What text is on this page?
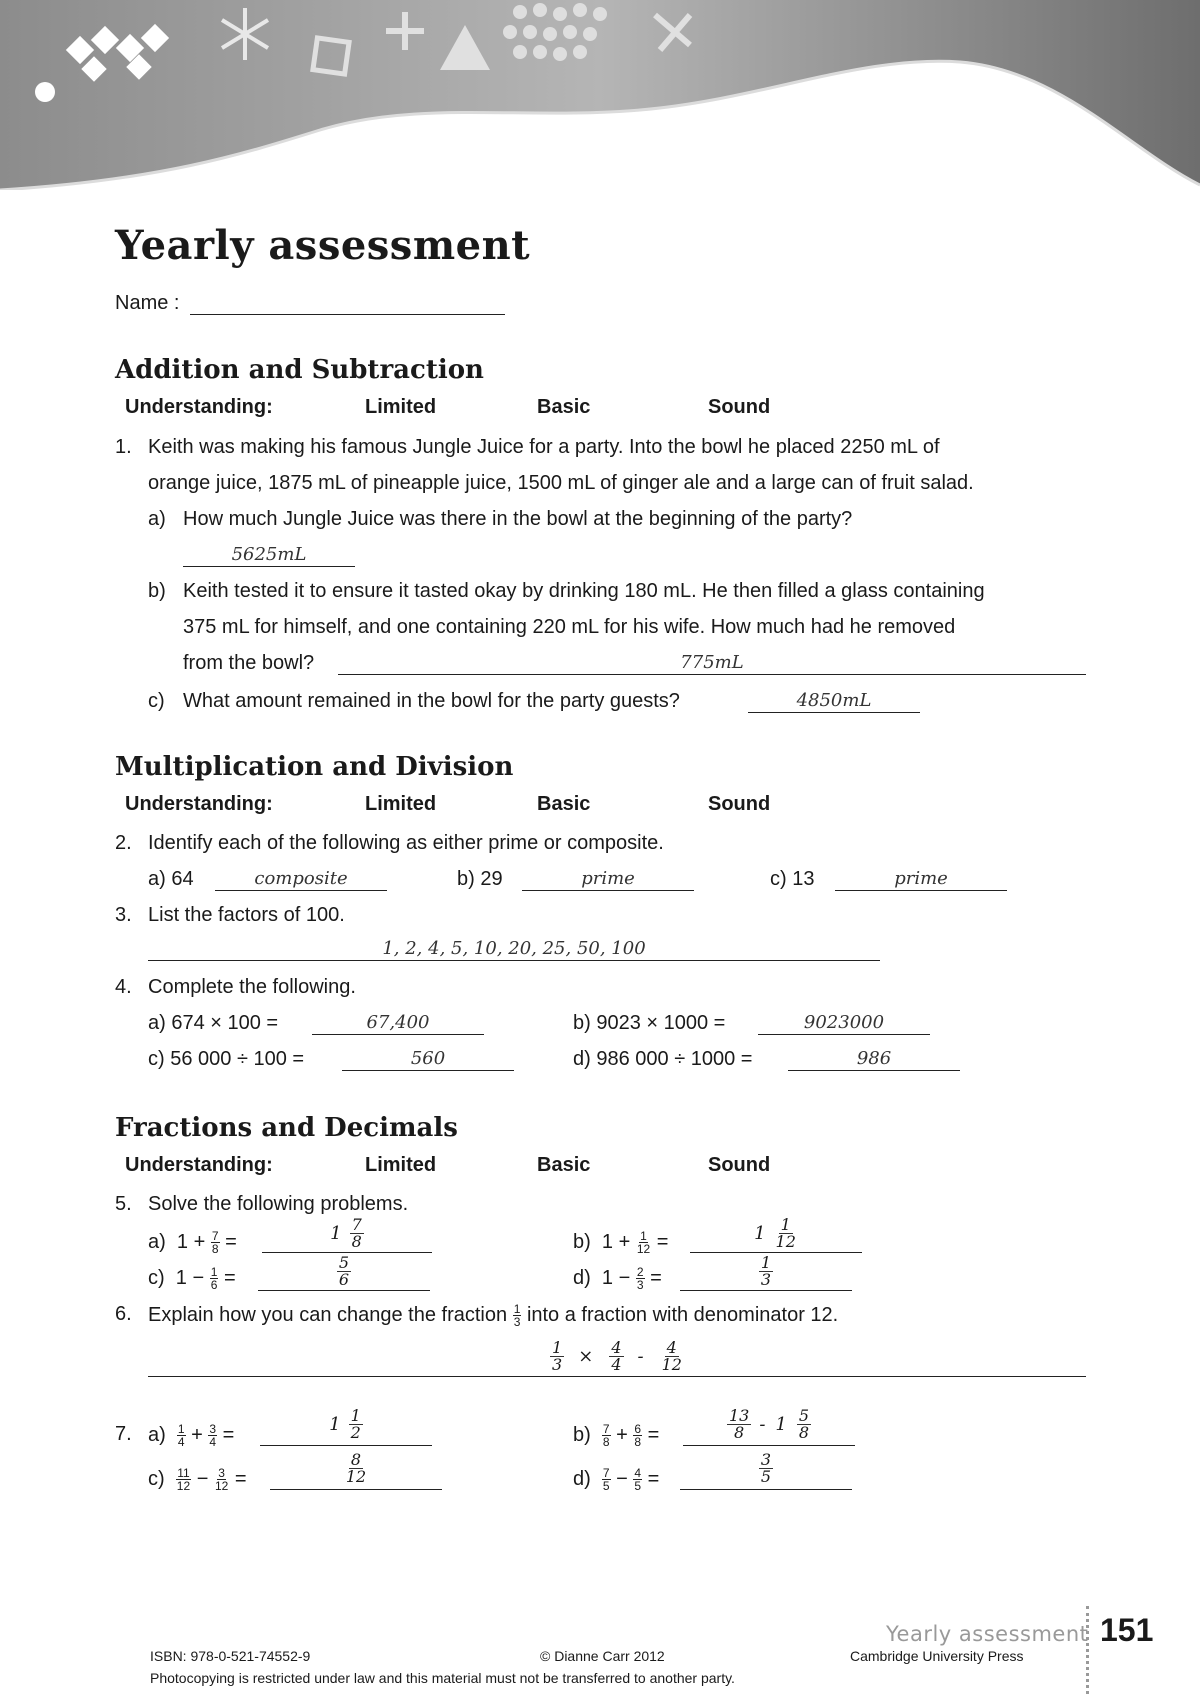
Yearly assessment
Name :
Addition and Subtraction
Understanding:	Limited	Basic	Sound
1. Keith was making his famous Jungle Juice for a party. Into the bowl he placed 2250 mL of
orange juice, 1875 mL of pineapple juice, 1500 mL of ginger ale and a large can of fruit salad.
a) How much Jungle Juice was there in the bowl at the beginning of the party?
5625mL
b) Keith tested it to ensure it tasted okay by drinking 180 mL. He then filled a glass containing
375 mL for himself, and one containing 220 mL for his wife. How much had he removed
from the bowl?	775mL
c) What amount remained in the bowl for the party guests?	4850mL
Multiplication and Division
Understanding:	Limited	Basic	Sound
2. Identify each of the following as either prime or composite.
a) 64	composite	b) 29	prime	c) 13	prime
3. List the factors of 100.
1, 2, 4, 5, 10, 20, 25, 50, 100
4. Complete the following.
a) 674 × 100 =	67,400	b) 9023 × 1000 =	9023000
c) 56 000 ÷ 100 =	560	d) 986 000 ÷ 1000 =	986
Fractions and Decimals
Understanding:	Limited	Basic	Sound
5. Solve the following problems.
a) $1 + \frac{7}{8}$ =	$1 \frac{7}{8}$	b) $1 + \frac{1}{12}$ =	$1 \frac{1}{12}$
c) $1 - \frac{1}{6}$ =	$\frac{5}{6}$	d) $1 - \frac{2}{3}$ =	$\frac{1}{3}$
6. Explain how you can change the fraction $\frac{1}{3}$ into a fraction with denominator 12.
$\frac{1}{3} \times \frac{4}{4} - \frac{4}{12}$
7. $a) \frac{1}{4} + \frac{3}{4}$ =	$1 \frac{1}{2}$	$b) \frac{7}{8} + \frac{6}{8}$ =	$\frac{13}{8} - 1 \frac{5}{8}$
$c) \frac{11}{12} - \frac{3}{12}$ =	$\frac{8}{12}$	$d) \frac{7}{5} - \frac{4}{5}$ =	$\frac{3}{5}$
Yearly assessment 151
ISBN: 978-0-521-74552-9	© Dianne Carr 2012	Cambridge University Press
Photocopying is restricted under law and this material must not be transferred to another party.
